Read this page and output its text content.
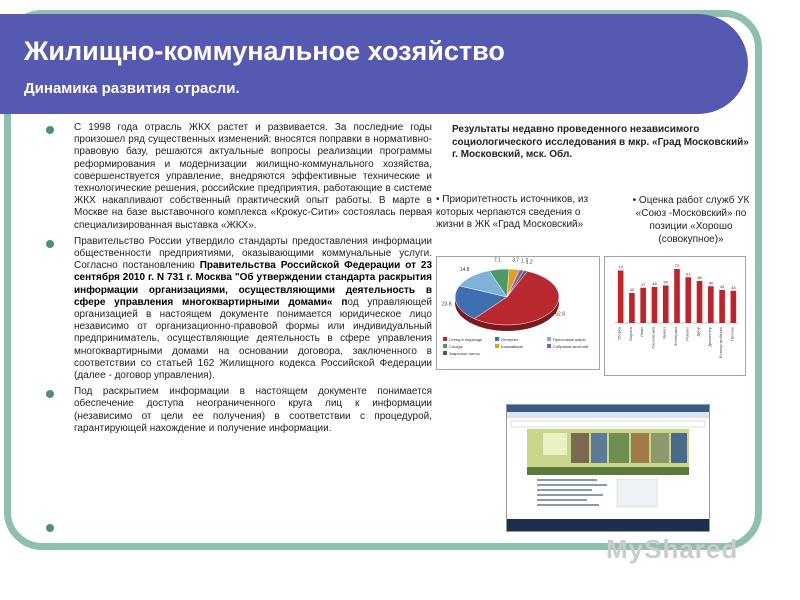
Жилищно-коммунальное хозяйство
Динамика развития отрасли.

С 1998 года отрасль ЖКХ растет и развивается. За последние годы произошел ряд существенных изменений: вносятся поправки в нормативно-правовую базу, решаются актуальные вопросы реализации программы реформирования и модернизации жилищно-коммунального хозяйства, совершенствуется управление, внедряются эффективные технические и технологические решения, российские предприятия, работающие в системе ЖКХ накапливают собственный практический опыт работы. В марте в Москве на базе выставочного комплекса «Крокус-Сити» состоялась первая специализированная выставка «ЖКХ».

Правительство России утвердило стандарты предоставления информации общественности предприятиями, оказывающими коммунальные услуги. Согласно постановлению Правительства Российской Федерации от 23 сентября 2010 г. N 731 г. Москва "Об утверждении стандарта раскрытия информации организациями, осуществляющими деятельность в сфере управления многоквартирными домами« под управляющей организацией в настоящем документе понимается юридическое лицо независимо от организационно-правовой формы или индивидуальный предприниматель, осуществляющие деятельность в сфере управления многоквартирными домами на основании договора, заключенного в соответствии со статьей 162 Жилищного кодекса Российской Федерации (далее - договор управления).

Под раскрытием информации в настоящем документе понимается обеспечение доступа неограниченного круга лиц к информации (независимо от цели ее получения) в соответствии с процедурой, гарантирующей нахождение и получение информации.

Результаты недавно проведенного независимого социологического исследования в мкр. «Град Московский» г. Московский, мск. Обл.
• Приоритетность источников, из которых черпаются сведения о жизни в ЖК «Град Московский»
• Оценка работ служб УК «Союз -Московский» по позиции «Хорошо (совокупное)»
62.6
23.8
14.8
7.1 3.7 1.7
1.2
Стенд в подъезде	Интернет	Прессовые шары
Соседи	Ближайшие	Собрания жителей
Закрытые листы
70
Уборка
40
Охрана
47
Лифт
48
Сантехника
50
Вывоз
72
Электрика
61
Ремонт
56
Двор
49
Диспетчер
44
Благоустройство
43
Прочее
MyShared
